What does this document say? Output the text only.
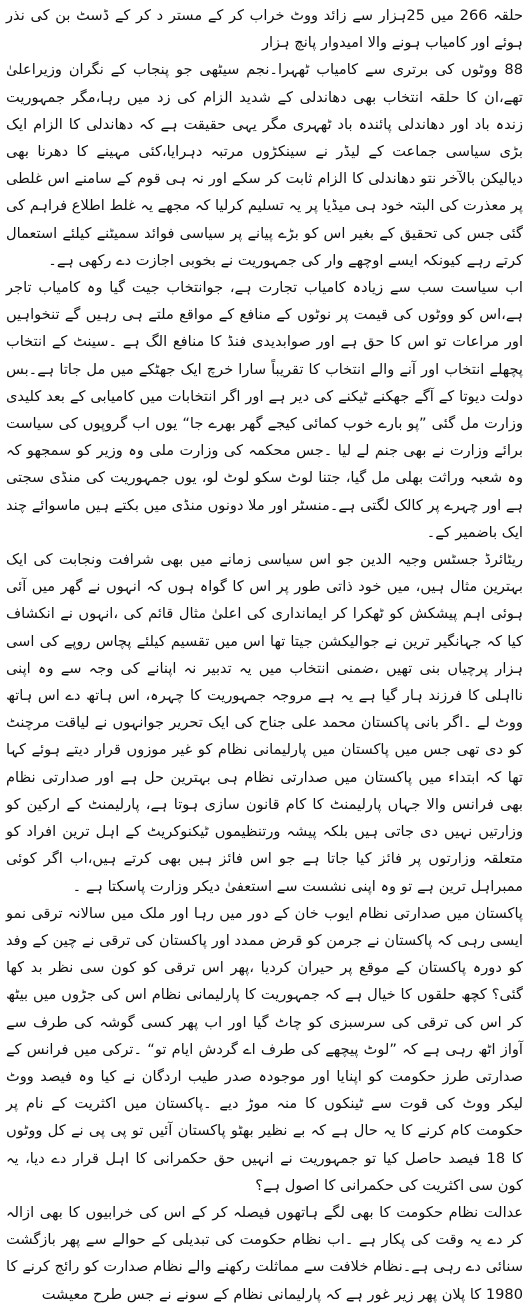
حلقہ 266 میں 25ہزار سے زائد ووٹ خراب کر کے مستر د کر کے ڈسٹ بن کی نذر ہوئے اور کامیاب ہونے والا امیدوار پانچ ہزار

88 ووٹوں کی برتری سے کامیاب ٹھہرا۔نجم سیٹھی جو پنجاب کے نگران وزیراعلیٰ تھے،ان کا حلقہ انتخاب بھی دھاندلی کے شدید الزام کی زد میں رہا،مگر جمہوریت زندہ باد اور دھاندلی پائندہ باد ٹھہری مگر یہی حقیقت ہے کہ دھاندلی کا الزام ایک بڑی سیاسی جماعت کے لیڈر نے سینکڑوں مرتبہ دہرایا،کئی مہینے کا دھرنا بھی دیالیکن بالآخر نتو دھاندلی کا الزام ثابت کر سکے اور نہ ہی قوم کے سامنے اس غلطی پر معذرت کی البتہ خود ہی میڈیا پر یہ تسلیم کرلیا کہ مجھے یہ غلط اطلاع فراہم کی گئی جس کی تحقیق کے بغیر اس کو بڑے پیانے پر سیاسی فوائد سمیٹنے کیلئے استعمال کرتے رہے کیونکہ ایسے اوچھے وار کی جمہوریت نے بخوبی اجازت دے رکھی ہے۔

اب سیاست سب سے زیادہ کامیاب تجارت ہے، جوانتخاب جیت گیا وہ کامیاب تاجر ہے،اس کو ووٹوں کی قیمت پر نوٹوں کے منافع کے مواقع ملتے ہی رہیں گے تنخواہیں اور مراعات تو اس کا حق ہے اور صوابدیدی فنڈ کا منافع الگ ہے ۔سینٹ کے انتخاب پچھلے انتخاب اور آنے والے انتخاب کا تقریباً سارا خرچ ایک جھٹکے میں مل جاتا ہے۔بس دولت دیوتا کے آگے جھکنے ٹیکنے کی دیر ہے اور اگر انتخابات میں کامیابی کے بعد کلیدی وزارت مل گئی ”پو بارے خوب کمائی کیجے گھر بھرے جا“ یوں اب گروپوں کی سیاست برائے وزارت نے بھی جنم لے لیا ۔جس محکمہ کی وزارت ملی وہ وزیر کو سمجھو کہ وہ شعبہ وراثت بھلی مل گیا، جتنا لوٹ سکو لوٹ لو، یوں جمہوریت کی منڈی سجتی ہے اور چہرے پر کالک لگتی ہے۔منسٹر اور ملا دونوں منڈی میں بکتے ہیں ماسوائے چند ایک باضمیر کے۔

ریٹائرڈ جسٹس وجیہ الدین جو اس سیاسی زمانے میں بھی شرافت ونجابت کی ایک بہترین مثال ہیں، میں خود ذاتی طور پر اس کا گواہ ہوں کہ انہوں نے گھر میں آئی ہوئی اہم پیشکش کو ٹھکرا کر ایمانداری کی اعلیٰ مثال قائم کی ،انہوں نے انکشاف کیا کہ جہانگیر ترین نے جوالیکشن جیتا تھا اس میں تقسیم کیلئے پچاس روپے کی اسی ہزار پرچیاں بنی تھیں ،ضمنی انتخاب میں یہ تدبیر نہ اپنانے کی وجہ سے وہ اپنی نااہلی کا فرزند ہار گیا ہے یہ ہے مروجہ جمہوریت کا چہرہ، اس ہاتھ دے اس ہاتھ ووٹ لے ۔اگر بانی پاکستان محمد علی جناح کی ایک تحریر جوانہوں نے لیاقت مرچنٹ کو دی تھی جس میں پاکستان میں پارلیمانی نظام کو غیر موزوں قرار دیتے ہوئے کہا تھا کہ ابتداء میں پاکستان میں صدارتی نظام ہی بہترین حل ہے اور صدارتی نظام بھی فرانس والا جہاں پارلیمنٹ کا کام قانون سازی ہوتا ہے، پارلیمنٹ کے ارکین کو وزارتیں نہیں دی جاتی ہیں بلکہ پیشہ ورتنظیموں ٹیکنوکریٹ کے اہل ترین افراد کو متعلقہ وزارتوں پر فائز کیا جاتا ہے جو اس فائز ہیں بھی کرتے ہیں،اب اگر کوئی ممبراہل ترین ہے تو وہ اپنی نشست سے استعفیٰ دیکر وزارت پاسکتا ہے ۔

پاکستان میں صدارتی نظام ایوب خان کے دور میں رہا اور ملک میں سالانہ ترقی نمو ایسی رہی کہ پاکستان نے جرمن کو قرض ممدد اور پاکستان کی ترقی نے چین کے وفد کو دورہ پاکستان کے موقع پر حیران کردیا ،پھر اس ترقی کو کون سی نظر بد کھا گئی؟ کچھ حلقوں کا خیال ہے کہ جمہوریت کا پارلیمانی نظام اس کی جڑوں میں بیٹھ کر اس کی ترقی کی سرسبزی کو چاٹ گیا اور اب پھر کسی گوشہ کی طرف سے آواز اٹھ رہی ہے کہ ”لوٹ پیچھے کی طرف اے گردش ایام تو“ ۔ترکی میں فرانس کے صدارتی طرز حکومت کو اپنایا اور موجودہ صدر طیب اردگان نے کیا وہ فیصد ووٹ لیکر ووٹ کی قوت سے ٹینکوں کا منہ موڑ دیے ۔پاکستان میں اکثریت کے نام پر حکومت کام کرنے کا یہ حال ہے کہ بے نظیر بھٹو پاکستان آئیں تو پی پی نے کل ووٹوں کا 18 فیصد حاصل کیا تو جمہوریت نے انہیں حق حکمرانی کا اہل قرار دے دیا، یہ کون سی اکثریت کی حکمرانی کا اصول ہے؟

عدالت نظام حکومت کا بھی لگے ہاتھوں فیصلہ کر کے اس کی خرابیوں کا بھی ازالہ کر دے یہ وقت کی پکار ہے ۔اب نظام حکومت کی تبدیلی کے حوالے سے پھر بازگشت سنائی دے رہی ہے۔نظام خلافت سے مماثلت رکھنے والے نظام صدارت کو رائج کرنے کا 1980 کا پلان پھر زیر غور ہے کہ پارلیمانی نظام کے سونے نے جس طرح معیشت
